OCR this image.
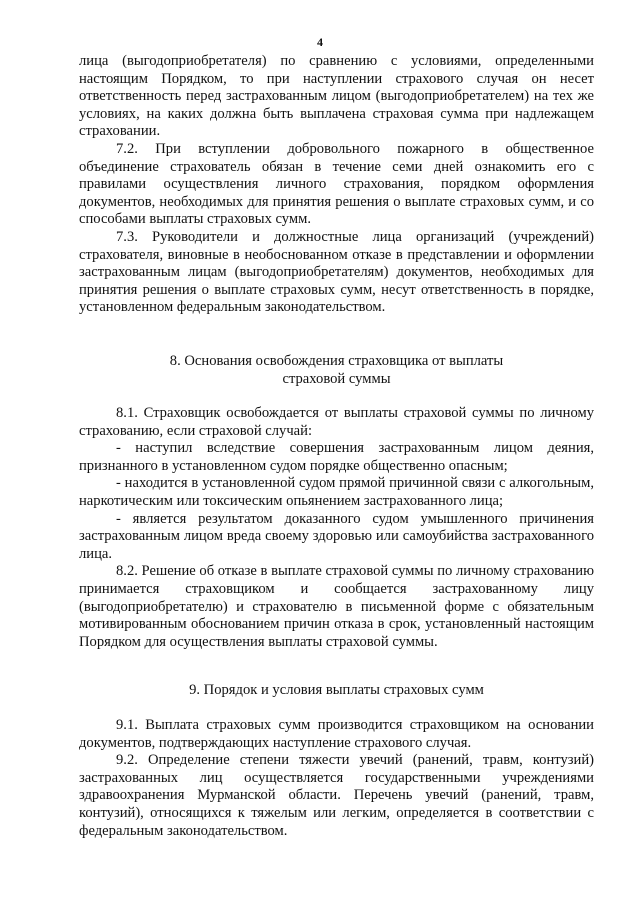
4

лица (выгодоприобретателя) по сравнению с условиями, определенными настоящим Порядком, то при наступлении страхового случая он несет ответственность перед застрахованным лицом (выгодоприобретателем) на тех же условиях, на каких должна быть выплачена страховая сумма при надлежащем страховании.

7.2. При вступлении добровольного пожарного в общественное объединение страхователь обязан в течение семи дней ознакомить его с правилами осуществления личного страхования, порядком оформления документов, необходимых для принятия решения о выплате страховых сумм, и со способами выплаты страховых сумм.

7.3. Руководители и должностные лица организаций (учреждений) страхователя, виновные в необоснованном отказе в представлении и оформлении застрахованным лицам (выгодоприобретателям) документов, необходимых для принятия решения о выплате страховых сумм, несут ответственность в порядке, установленном федеральным законодательством.

8. Основания освобождения страховщика от выплаты

страховой суммы

8.1. Страховщик освобождается от выплаты страховой суммы по личному страхованию, если страховой случай:

- наступил вследствие совершения застрахованным лицом деяния, признанного в установленном судом порядке общественно опасным;

- находится в установленной судом прямой причинной связи с алкогольным, наркотическим или токсическим опьянением застрахованного лица;

- является результатом доказанного судом умышленного причинения застрахованным лицом вреда своему здоровью или самоубийства застрахованного лица.

8.2. Решение об отказе в выплате страховой суммы по личному страхованию принимается страховщиком и сообщается застрахованному лицу (выгодоприобретателю) и страхователю в письменной форме с обязательным мотивированным обоснованием причин отказа в срок, установленный настоящим Порядком для осуществления выплаты страховой суммы.

9. Порядок и условия выплаты страховых сумм

9.1. Выплата страховых сумм производится страховщиком на основании документов, подтверждающих наступление страхового случая.

9.2. Определение степени тяжести увечий (ранений, травм, контузий) застрахованных лиц осуществляется государственными учреждениями здравоохранения Мурманской области. Перечень увечий (ранений, травм, контузий), относящихся к тяжелым или легким, определяется в соответствии с федеральным законодательством.
